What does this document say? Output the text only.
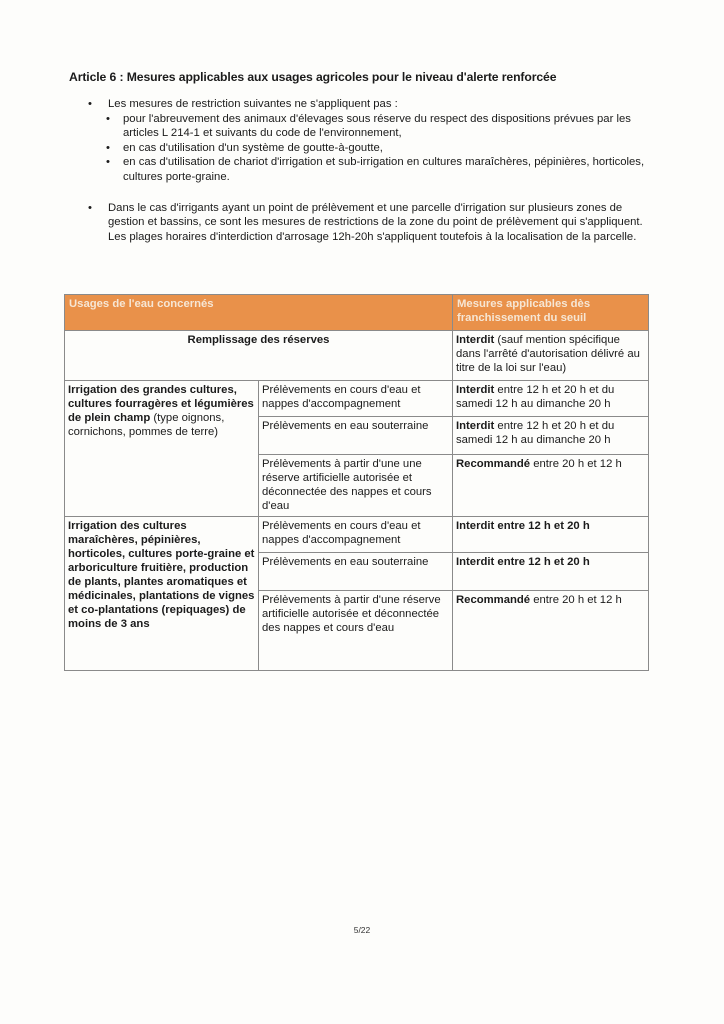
Article 6 : Mesures applicables aux usages agricoles pour le niveau d'alerte renforcée
• Les mesures de restriction suivantes ne s'appliquent pas :
• pour l'abreuvement des animaux d'élevages sous réserve du respect des dispositions prévues par les articles L 214-1 et suivants du code de l'environnement,
• en cas d'utilisation d'un système de goutte-à-goutte,
• en cas d'utilisation de chariot d'irrigation et sub-irrigation en cultures maraîchères, pépinières, horticoles, cultures porte-graine.
• Dans le cas d'irrigants ayant un point de prélèvement et une parcelle d'irrigation sur plusieurs zones de gestion et bassins, ce sont les mesures de restrictions de la zone du point de prélèvement qui s'appliquent. Les plages horaires d'interdiction d'arrosage 12h-20h s'appliquent toutefois à la localisation de la parcelle.
Usages de l'eau concernés		Mesures applicables dès franchissement du seuil
Remplissage des réserves		Interdit (sauf mention spécifique dans l'arrêté d'autorisation délivré au titre de la loi sur l'eau)
Irrigation des grandes cultures, cultures fourragères et légumières de plein champ (type oignons, cornichons, pommes de terre)	Prélèvements en cours d'eau et nappes d'accompagnement	Interdit entre 12 h et 20 h et du samedi 12 h au dimanche 20 h
	Prélèvements en eau souterraine	Interdit entre 12 h et 20 h et du samedi 12 h au dimanche 20 h
	Prélèvements à partir d'une une réserve artificielle autorisée et déconnectée des nappes et cours d'eau	Recommandé entre 20 h et 12 h
Irrigation des cultures maraîchères, pépinières, horticoles, cultures porte-graine et arboriculture fruitière, production de plants, plantes aromatiques et médicinales, plantations de vignes et co-plantations (repiquages) de moins de 3 ans	Prélèvements en cours d'eau et nappes d'accompagnement	Interdit entre 12 h et 20 h
	Prélèvements en eau souterraine	Interdit entre 12 h et 20 h
	Prélèvements à partir d'une réserve artificielle autorisée et déconnectée des nappes et cours d'eau	Recommandé entre 20 h et 12 h
5/22
